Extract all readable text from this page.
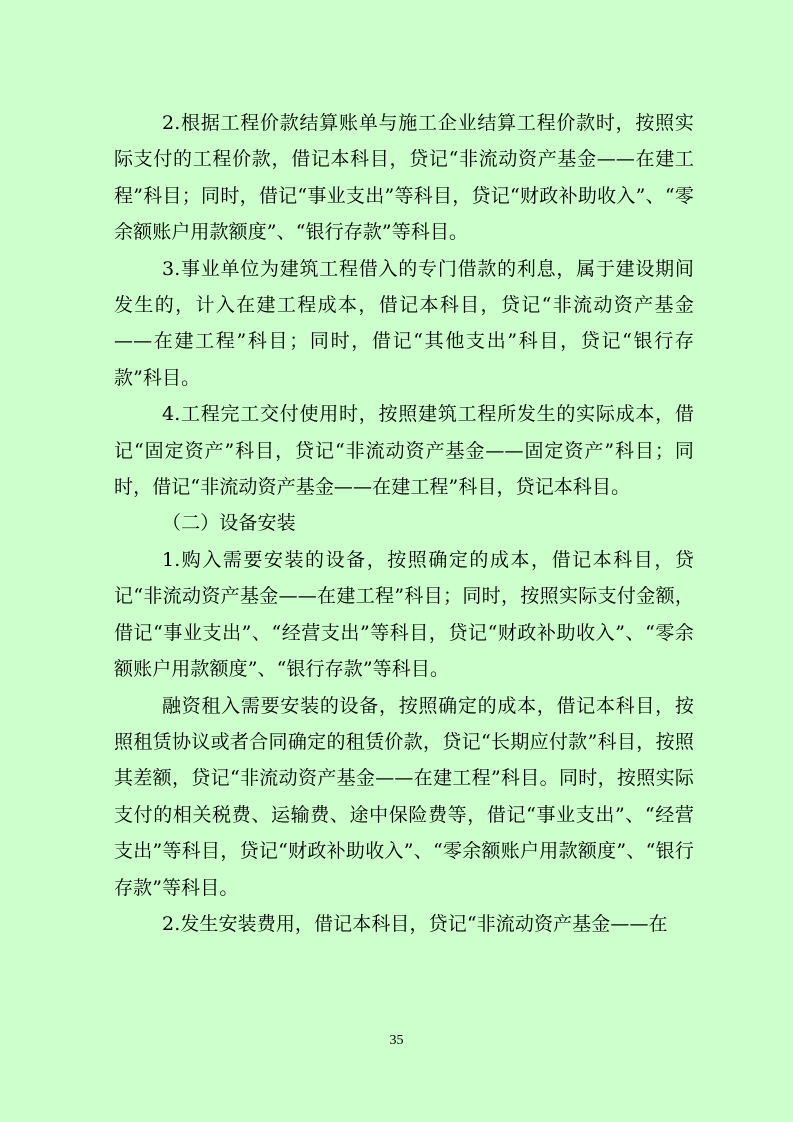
2.根据工程价款结算账单与施工企业结算工程价款时，按照实际支付的工程价款，借记本科目，贷记“非流动资产基金——在建工程”科目；同时，借记“事业支出”等科目，贷记“财政补助收入”、“零余额账户用款额度”、“银行存款”等科目。

3.事业单位为建筑工程借入的专门借款的利息，属于建设期间发生的，计入在建工程成本，借记本科目，贷记“非流动资产基金——在建工程”科目；同时，借记“其他支出”科目，贷记“银行存款”科目。

4.工程完工交付使用时，按照建筑工程所发生的实际成本，借记“固定资产”科目，贷记“非流动资产基金——固定资产”科目；同时，借记“非流动资产基金——在建工程”科目，贷记本科目。

（二）设备安装

1.购入需要安装的设备，按照确定的成本，借记本科目，贷记“非流动资产基金——在建工程”科目；同时，按照实际支付金额，借记“事业支出”、“经营支出”等科目，贷记“财政补助收入”、“零余额账户用款额度”、“银行存款”等科目。

融资租入需要安装的设备，按照确定的成本，借记本科目，按照租赁协议或者合同确定的租赁价款，贷记“长期应付款”科目，按照其差额，贷记“非流动资产基金——在建工程”科目。同时，按照实际支付的相关税费、运输费、途中保险费等，借记“事业支出”、“经营支出”等科目，贷记“财政补助收入”、“零余额账户用款额度”、“银行存款”等科目。

2.发生安装费用，借记本科目，贷记“非流动资产基金——在

35
